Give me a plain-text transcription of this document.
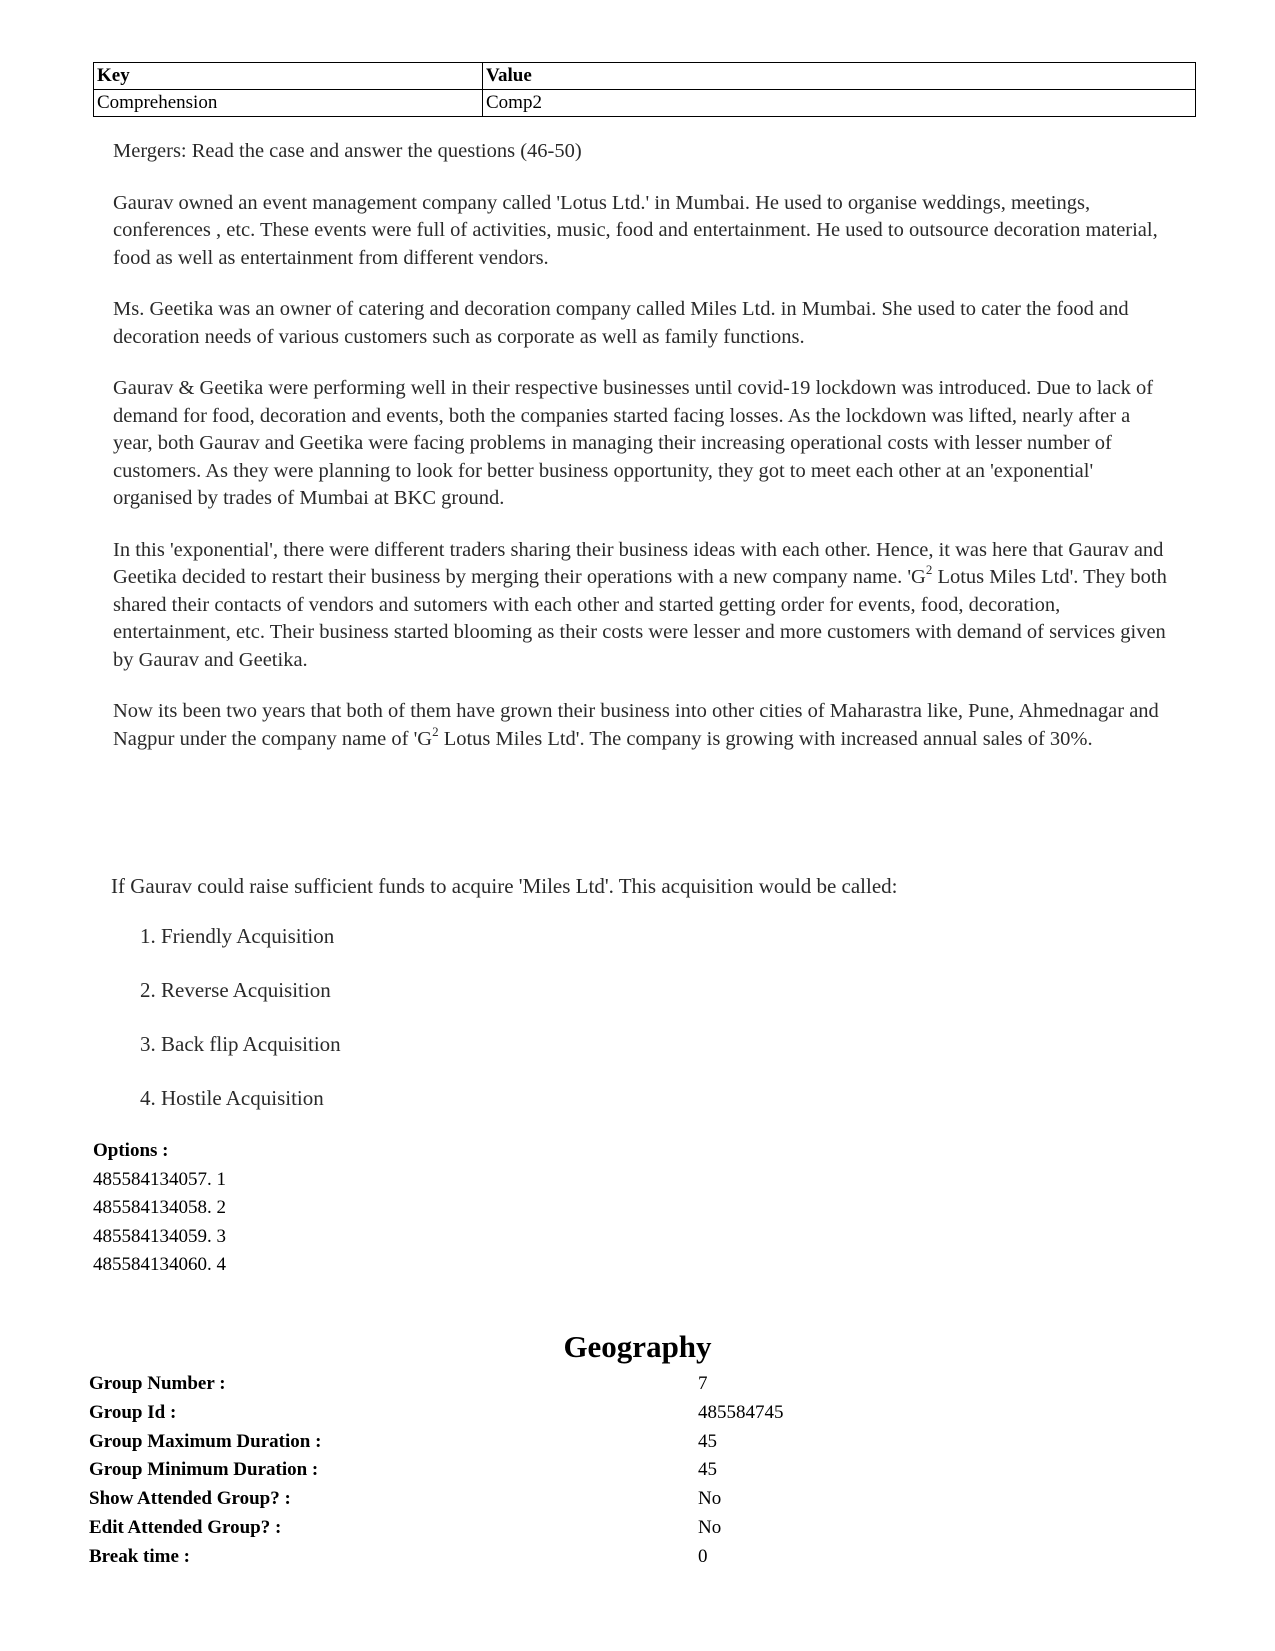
Key	Value
Comprehension	Comp2

Mergers: Read the case and answer the questions (46-50)

Gaurav owned an event management company called 'Lotus Ltd.' in Mumbai. He used to organise weddings, meetings, conferences , etc. These events were full of activities, music, food and entertainment. He used to outsource decoration material, food as well as entertainment from different vendors.

Ms. Geetika was an owner of catering and decoration company called Miles Ltd. in Mumbai. She used to cater the food and decoration needs of various customers such as corporate as well as family functions.

Gaurav & Geetika were performing well in their respective businesses until covid-19 lockdown was introduced. Due to lack of demand for food, decoration and events, both the companies started facing losses. As the lockdown was lifted, nearly after a year, both Gaurav and Geetika were facing problems in managing their increasing operational costs with lesser number of customers. As they were planning to look for better business opportunity, they got to meet each other at an 'exponential' organised by trades of Mumbai at BKC ground.

In this 'exponential', there were different traders sharing their business ideas with each other. Hence, it was here that Gaurav and Geetika decided to restart their business by merging their operations with a new company name. '$G^2$ Lotus Miles Ltd'. They both shared their contacts of vendors and sutomers with each other and started getting order for events, food, decoration, entertainment, etc. Their business started blooming as their costs were lesser and more customers with demand of services given by Gaurav and Geetika.

Now its been two years that both of them have grown their business into other cities of Maharastra like, Pune, Ahmednagar and Nagpur under the company name of '$G^2$ Lotus Miles Ltd'. The company is growing with increased annual sales of 30%.

If Gaurav could raise sufficient funds to acquire 'Miles Ltd'. This acquisition would be called:

1. Friendly Acquisition
2. Reverse Acquisition
3. Back flip Acquisition
4. Hostile Acquisition
Options :
485584134057. 1
485584134058. 2
485584134059. 3
485584134060. 4
Geography
Group Number :	7
Group Id :	485584745
Group Maximum Duration :	45
Group Minimum Duration :	45
Show Attended Group? :	No
Edit Attended Group? :	No
Break time :	0
